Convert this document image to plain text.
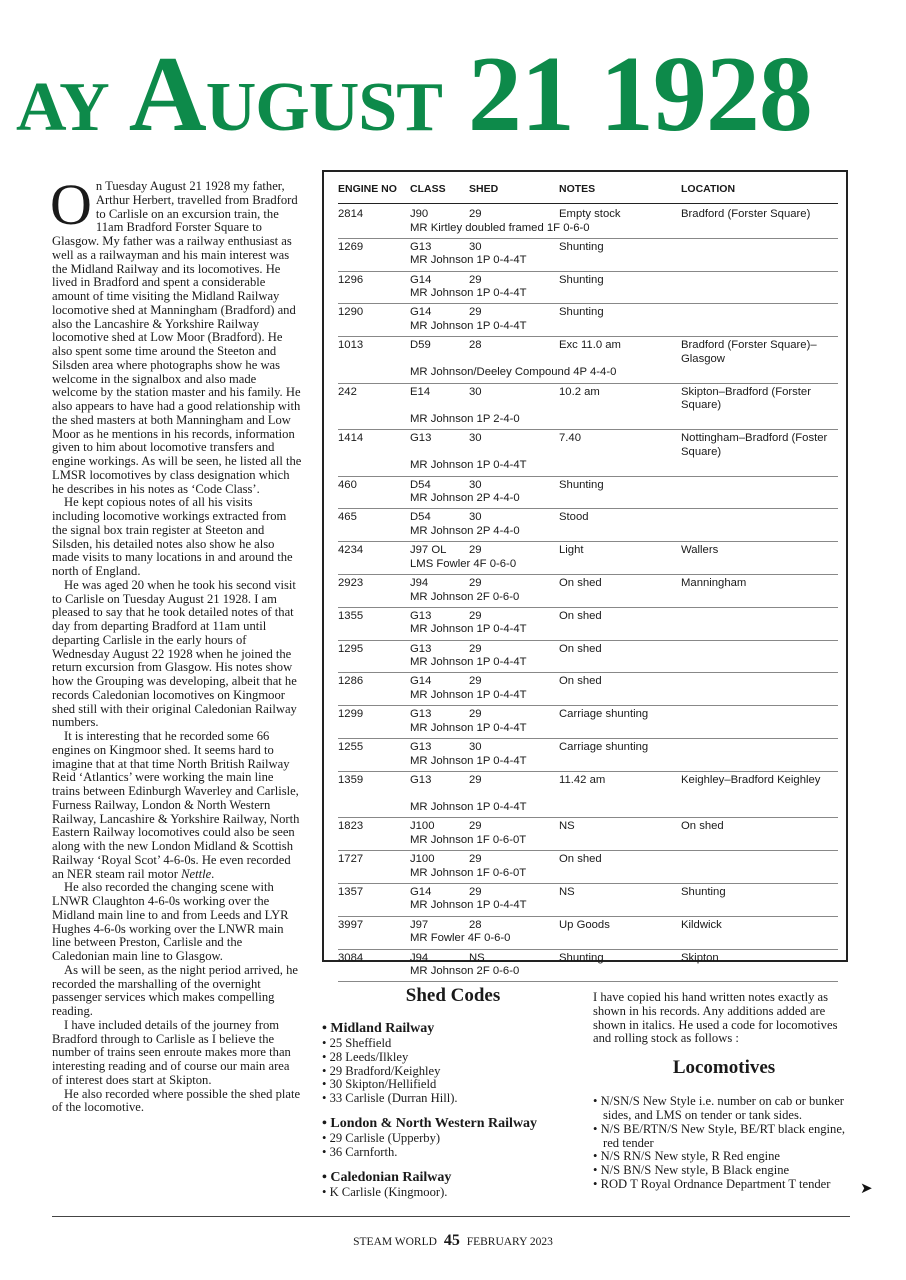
AY AUGUST 21 1928

On Tuesday August 21 1928 my father, Arthur Herbert, travelled from Bradford to Carlisle on an excursion train, the 11am Bradford Forster Square to Glasgow. My father was a railway enthusiast as well as a railwayman and his main interest was the Midland Railway and its locomotives. He lived in Bradford and spent a considerable amount of time visiting the Midland Railway locomotive shed at Manningham (Bradford) and also the Lancashire & Yorkshire Railway locomotive shed at Low Moor (Bradford). He also spent some time around the Steeton and Silsden area where photographs show he was welcome in the signalbox and also made welcome by the station master and his family. He also appears to have had a good relationship with the shed masters at both Manningham and Low Moor as he mentions in his records, information given to him about locomotive transfers and engine workings. As will be seen, he listed all the LMSR locomotives by class designation which he describes in his notes as ‘Code Class’.

He kept copious notes of all his visits including locomotive workings extracted from the signal box train register at Steeton and Silsden, his detailed notes also show he also made visits to many locations in and around the north of England.

He was aged 20 when he took his second visit to Carlisle on Tuesday August 21 1928. I am pleased to say that he took detailed notes of that day from departing Bradford at 11am until departing Carlisle in the early hours of Wednesday August 22 1928 when he joined the return excursion from Glasgow. His notes show how the Grouping was developing, albeit that he records Caledonian locomotives on Kingmoor shed still with their original Caledonian Railway numbers.

It is interesting that he recorded some 66 engines on Kingmoor shed. It seems hard to imagine that at that time North British Railway Reid ‘Atlantics’ were working the main line trains between Edinburgh Waverley and Carlisle, Furness Railway, London & North Western Railway, Lancashire & Yorkshire Railway, North Eastern Railway locomotives could also be seen along with the new London Midland & Scottish Railway ‘Royal Scot’ 4-6-0s. He even recorded an NER steam rail motor Nettle.

He also recorded the changing scene with LNWR Claughton 4-6-0s working over the Midland main line to and from Leeds and LYR Hughes 4-6-0s working over the LNWR main line between Preston, Carlisle and the Caledonian main line to Glasgow.

As will be seen, as the night period arrived, he recorded the marshalling of the overnight passenger services which makes compelling reading.

I have included details of the journey from Bradford through to Carlisle as I believe the number of trains seen enroute makes more than interesting reading and of course our main area of interest does start at Skipton.

He also recorded where possible the shed plate of the locomotive.

ENGINE NO CLASS SHED	NOTES	LOCATION
2814	J90	29	Empty stock	Bradford (Forster Square)
MR Kirtley doubled framed 1F 0-6-0
1269	G13	30	Shunting
MR Johnson 1P 0-4-4T
1296	G14	29	Shunting
MR Johnson 1P 0-4-4T
1290	G14	29	Shunting
MR Johnson 1P 0-4-4T
1013	D59	28	Exc 11.0 am	Bradford (Forster Square)– Glasgow
MR Johnson/Deeley Compound 4P 4-4-0
242	E14	30	10.2 am	Skipton–Bradford (Forster Square)
MR Johnson 1P 2-4-0
1414	G13	30	7.40	Nottingham–Bradford (Foster Square)
MR Johnson 1P 0-4-4T
460	D54	30	Shunting
MR Johnson 2P 4-4-0
465	D54	30	Stood
MR Johnson 2P 4-4-0
4234	J97 OL 29	Light	Wallers
LMS Fowler 4F 0-6-0
2923	J94	29	On shed	Manningham
MR Johnson 2F 0-6-0
1355	G13	29	On shed
MR Johnson 1P 0-4-4T
1295	G13	29	On shed
MR Johnson 1P 0-4-4T
1286	G14	29	On shed
MR Johnson 1P 0-4-4T
1299	G13	29	Carriage shunting
MR Johnson 1P 0-4-4T
1255	G13	30	Carriage shunting
MR Johnson 1P 0-4-4T
1359	G13	29	11.42 am	Keighley–Bradford Keighley
MR Johnson 1P 0-4-4T
1823	J100	29	NS	On shed
MR Johnson 1F 0-6-0T
1727	J100	29	On shed
MR Johnson 1F 0-6-0T
1357	G14	29	NS	Shunting
MR Johnson 1P 0-4-4T
3997	J97	28	Up Goods	Kildwick
MR Fowler 4F 0-6-0
3084	J94	NS	Shunting	Skipton
MR Johnson 2F 0-6-0
Shed Codes
• Midland Railway
• 25 Sheffield
• 28 Leeds/Ilkley
• 29 Bradford/Keighley
• 30 Skipton/Hellifield
• 33 Carlisle (Durran Hill).
• London & North Western Railway
• 29 Carlisle (Upperby)
• 36 Carnforth.
• Caledonian Railway
• K Carlisle (Kingmoor).

I have copied his hand written notes exactly as shown in his records. Any additions added are shown in italics. He used a code for locomotives and rolling stock as follows :

Locomotives
• N/SN/S New Style i.e. number on cab or bunker sides, and LMS on tender or tank sides.
• N/S BE/RTN/S New Style, BE/RT black engine, red tender
• N/S RN/S New style, R Red engine
• N/S BN/S New style, B Black engine
• ROD T Royal Ordnance Department T tender	➤
STEAM WORLD 45 FEBRUARY 2023
